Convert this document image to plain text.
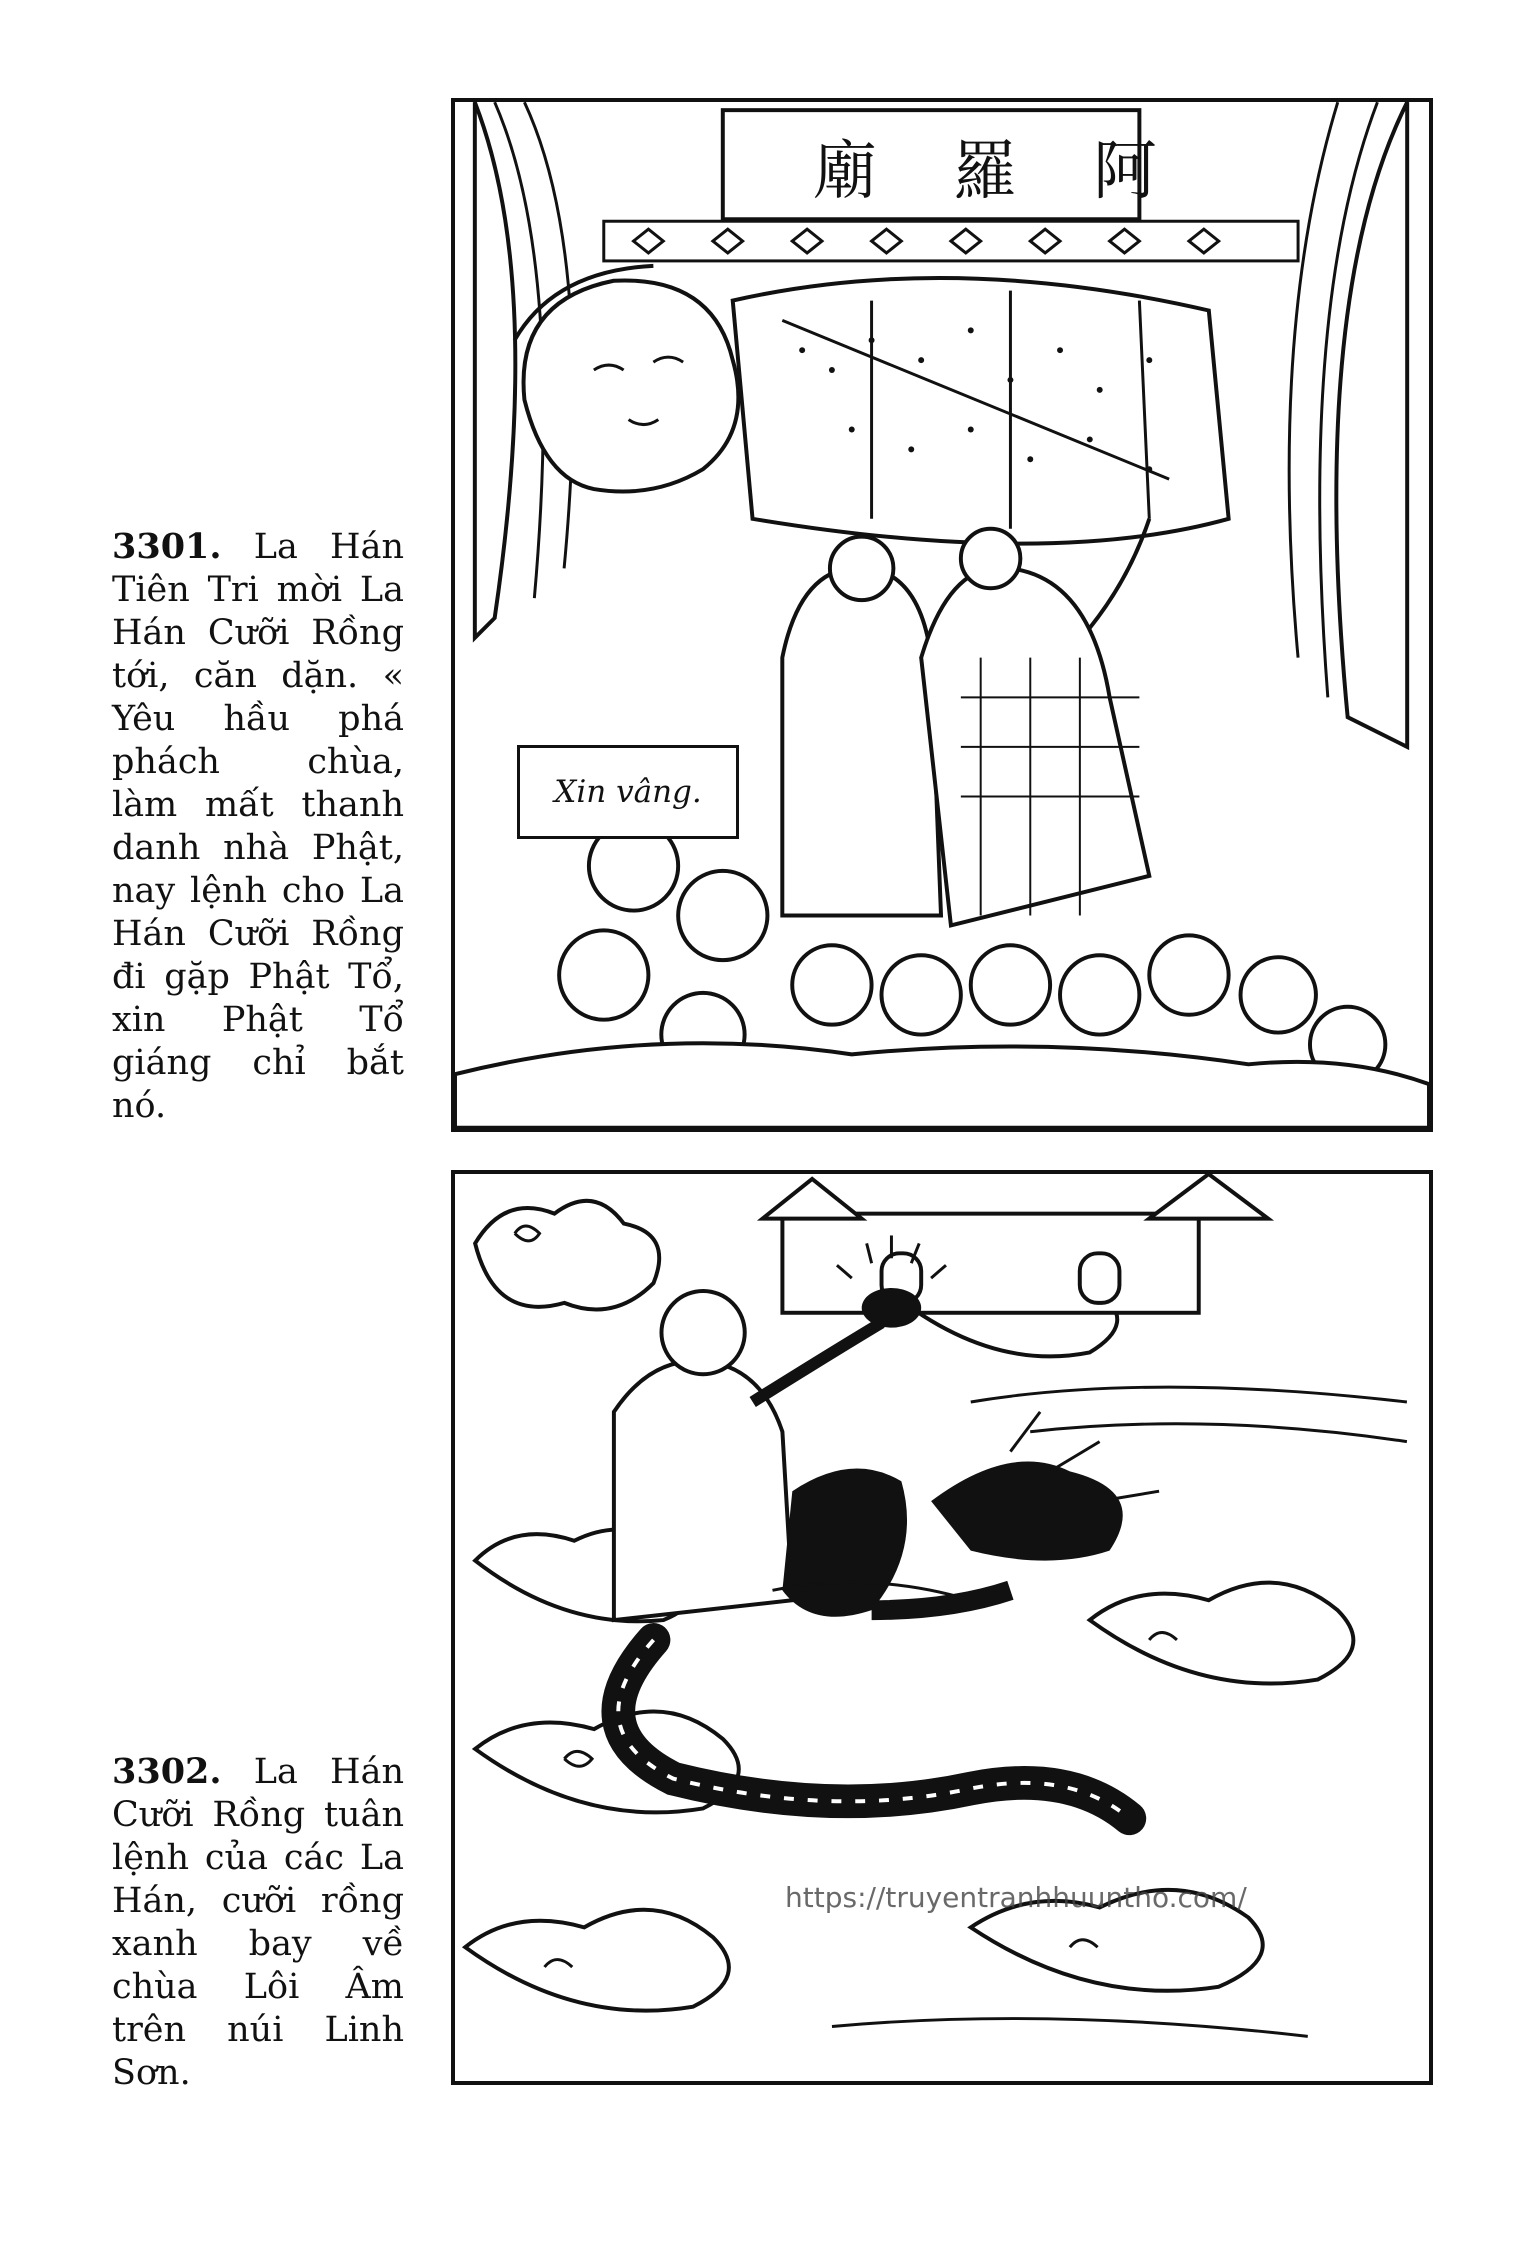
3301. La Hán Tiên Tri mời La Hán Cưỡi Rồng tới, căn dặn. « Yêu hầu phá phách chùa, làm mất thanh danh nhà Phật, nay lệnh cho La Hán Cưỡi Rồng đi gặp Phật Tổ, xin Phật Tổ giáng chỉ bắt nó.
廟 羅 阿
Xin vâng.
3302. La Hán Cưỡi Rồng tuân lệnh của các La Hán, cưỡi rồng xanh bay về chùa Lôi Âm trên núi Linh Sơn.
https://truyentranhhuuntho.com/
